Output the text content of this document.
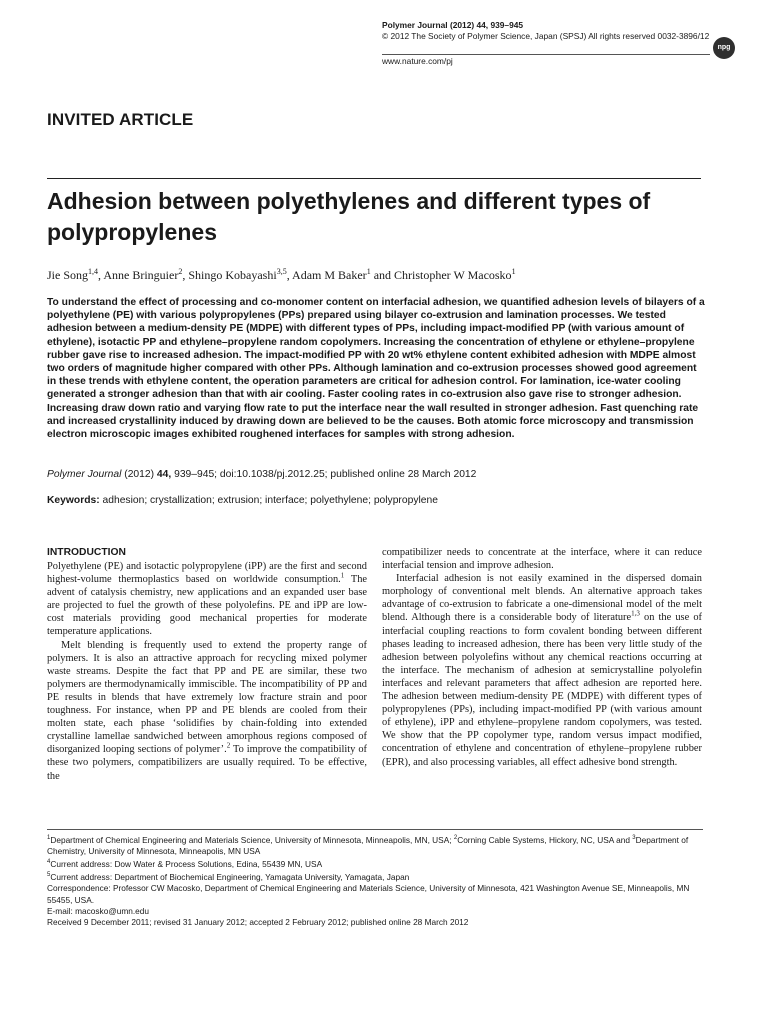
Polymer Journal (2012) 44, 939–945
© 2012 The Society of Polymer Science, Japan (SPSJ) All rights reserved 0032-3896/12
www.nature.com/pj
npg
INVITED ARTICLE
Adhesion between polyethylenes and different types of polypropylenes
Jie Song$^{1,4}$, Anne Bringuier$^2$, Shingo Kobayashi$^{3,5}$, Adam M Baker$^1$ and Christopher W Macosko$^1$

To understand the effect of processing and co-monomer content on interfacial adhesion, we quantified adhesion levels of bilayers of a polyethylene (PE) with various polypropylenes (PPs) prepared using bilayer co-extrusion and lamination processes. We tested adhesion between a medium-density PE (MDPE) with different types of PPs, including impact-modified PP (with various amount of ethylene), isotactic PP and ethylene–propylene random copolymers. Increasing the concentration of ethylene or ethylene–propylene rubber gave rise to increased adhesion. The impact-modified PP with 20 wt% ethylene content exhibited adhesion with MDPE almost two orders of magnitude higher compared with other PPs. Although lamination and co-extrusion processes showed good agreement in these trends with ethylene content, the operation parameters are critical for adhesion control. For lamination, ice-water cooling generated a stronger adhesion than that with air cooling. Faster cooling rates in co-extrusion also gave rise to stronger adhesion. Increasing draw down ratio and varying flow rate to put the interface near the wall resulted in stronger adhesion. Fast quenching rate and increased crystallinity induced by drawing down are believed to be the causes. Both atomic force microscopy and transmission electron microscopic images exhibited roughened interfaces for samples with strong adhesion.

Polymer Journal (2012) 44, 939–945; doi:10.1038/pj.2012.25; published online 28 March 2012
Keywords: adhesion; crystallization; extrusion; interface; polyethylene; polypropylene
INTRODUCTION

Polyethylene (PE) and isotactic polypropylene (iPP) are the first and second highest-volume thermoplastics based on worldwide consumption.$^1$ The advent of catalysis chemistry, new applications and an expanded user base are projected to fuel the growth of these polyolefins. PE and iPP are low-cost materials providing good mechanical properties for moderate temperature applications.

Melt blending is frequently used to extend the property range of polymers. It is also an attractive approach for recycling mixed polymer waste streams. Despite the fact that PP and PE are similar, these two polymers are thermodynamically immiscible. The incompatibility of PP and PE results in blends that have extremely low fracture strain and poor toughness. For instance, when PP and PE blends are cooled from their molten state, each phase ‘solidifies by chain-folding into extended crystalline lamellae sandwiched between amorphous regions composed of disorganized looping sections of polymer’.$^2$ To improve the compatibility of these two polymers, compatibilizers are usually required. To be effective, the

compatibilizer needs to concentrate at the interface, where it can reduce interfacial tension and improve adhesion.

Interfacial adhesion is not easily examined in the dispersed domain morphology of conventional melt blends. An alternative approach takes advantage of co-extrusion to fabricate a one-dimensional model of the melt blend. Although there is a considerable body of literature$^{1,3}$ on the use of interfacial coupling reactions to form covalent bonding between different phases leading to increased adhesion, there has been very little study of the adhesion between polyolefins without any chemical reactions occurring at the interface. The mechanism of adhesion at semicrystalline polyolefin interfaces and relevant parameters that affect adhesion are reported here. The adhesion between medium-density PE (MDPE) with different types of polypropylenes (PPs), including impact-modified PP (with various amount of ethylene), iPP and ethylene–propylene random copolymers, was tested. We show that the PP copolymer type, random versus impact modified, concentration of ethylene and concentration of ethylene–propylene rubber (EPR), and also processing variables, all effect adhesive bond strength.

$^1$Department of Chemical Engineering and Materials Science, University of Minnesota, Minneapolis, MN, USA; $^2$Corning Cable Systems, Hickory, NC, USA and $^3$Department of Chemistry, University of Minnesota, Minneapolis, MN USA
$^4$Current address: Dow Water & Process Solutions, Edina, 55439 MN, USA
$^5$Current address: Department of Biochemical Engineering, Yamagata University, Yamagata, Japan
Correspondence: Professor CW Macosko, Department of Chemical Engineering and Materials Science, University of Minnesota, 421 Washington Avenue SE, Minneapolis, MN 55455, USA.
E-mail: macosko@umn.edu
Received 9 December 2011; revised 31 January 2012; accepted 2 February 2012; published online 28 March 2012
